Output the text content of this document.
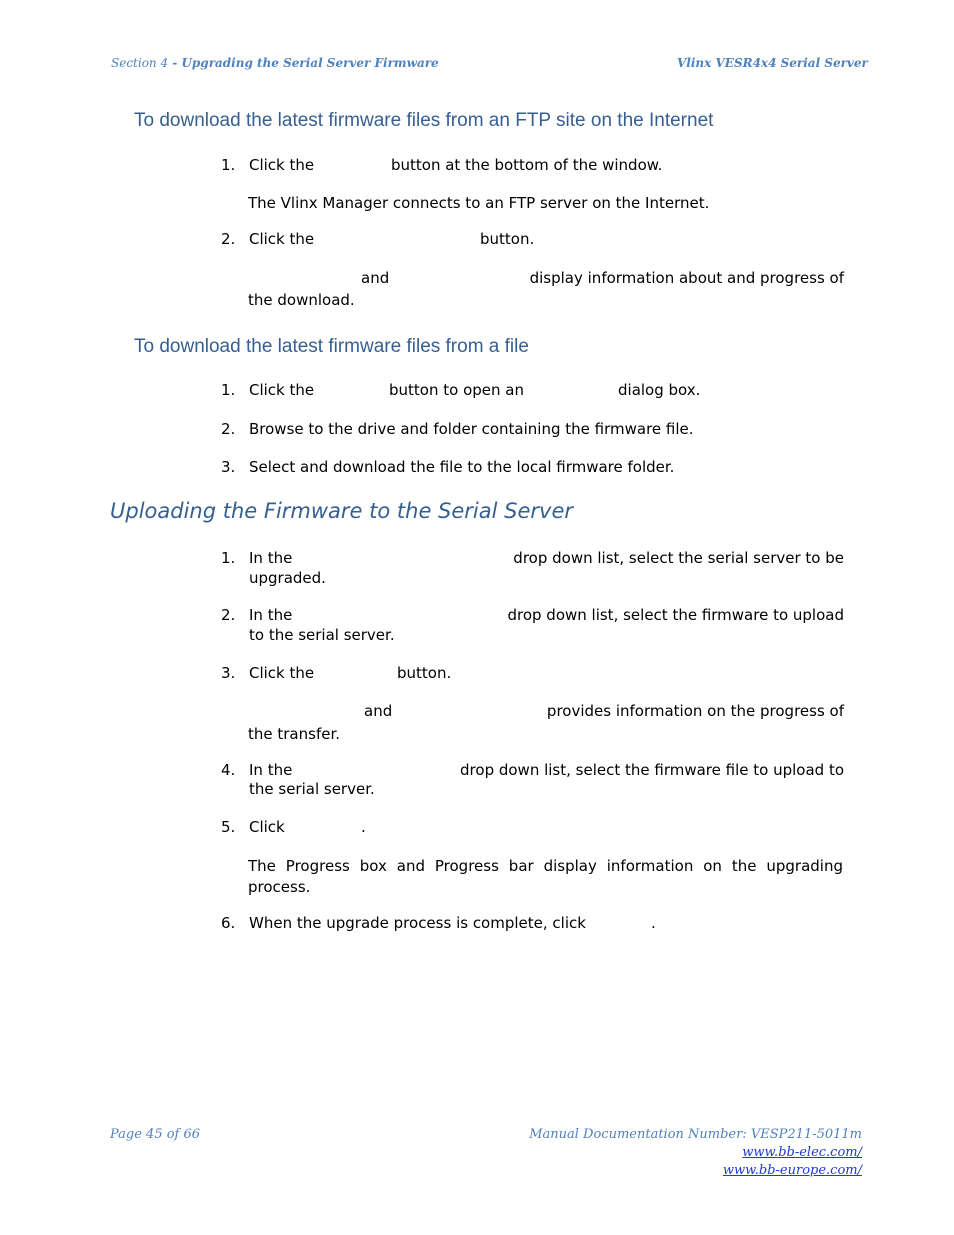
Section 4 - Upgrading the Serial Server Firmware	Vlinx VESR4x4 Serial Server
To download the latest firmware files from an FTP site on the Internet
1. Click the	button at the bottom of the window.
The Vlinx Manager connects to an FTP server on the Internet.
2. Click the	button.
and	display information about and progress of
the download.
To download the latest firmware files from a file
1. Click the	button to open an	dialog box.
2. Browse to the drive and folder containing the firmware file.
3. Select and download the file to the local firmware folder.
Uploading the Firmware to the Serial Server
1. In the	drop down list, select the serial server to be
upgraded.
2. In the	drop down list, select the firmware to upload
to the serial server.
3. Click the	button.
and	provides information on the progress of
the transfer.
4. In the	drop down list, select the firmware file to upload to
the serial server.
5. Click	.
The Progress box and Progress bar display information on the upgrading
process.
6. When the upgrade process is complete, click	.
Page 45 of 66	Manual Documentation Number: VESP211-5011m
www.bb-elec.com/
www.bb-europe.com/
